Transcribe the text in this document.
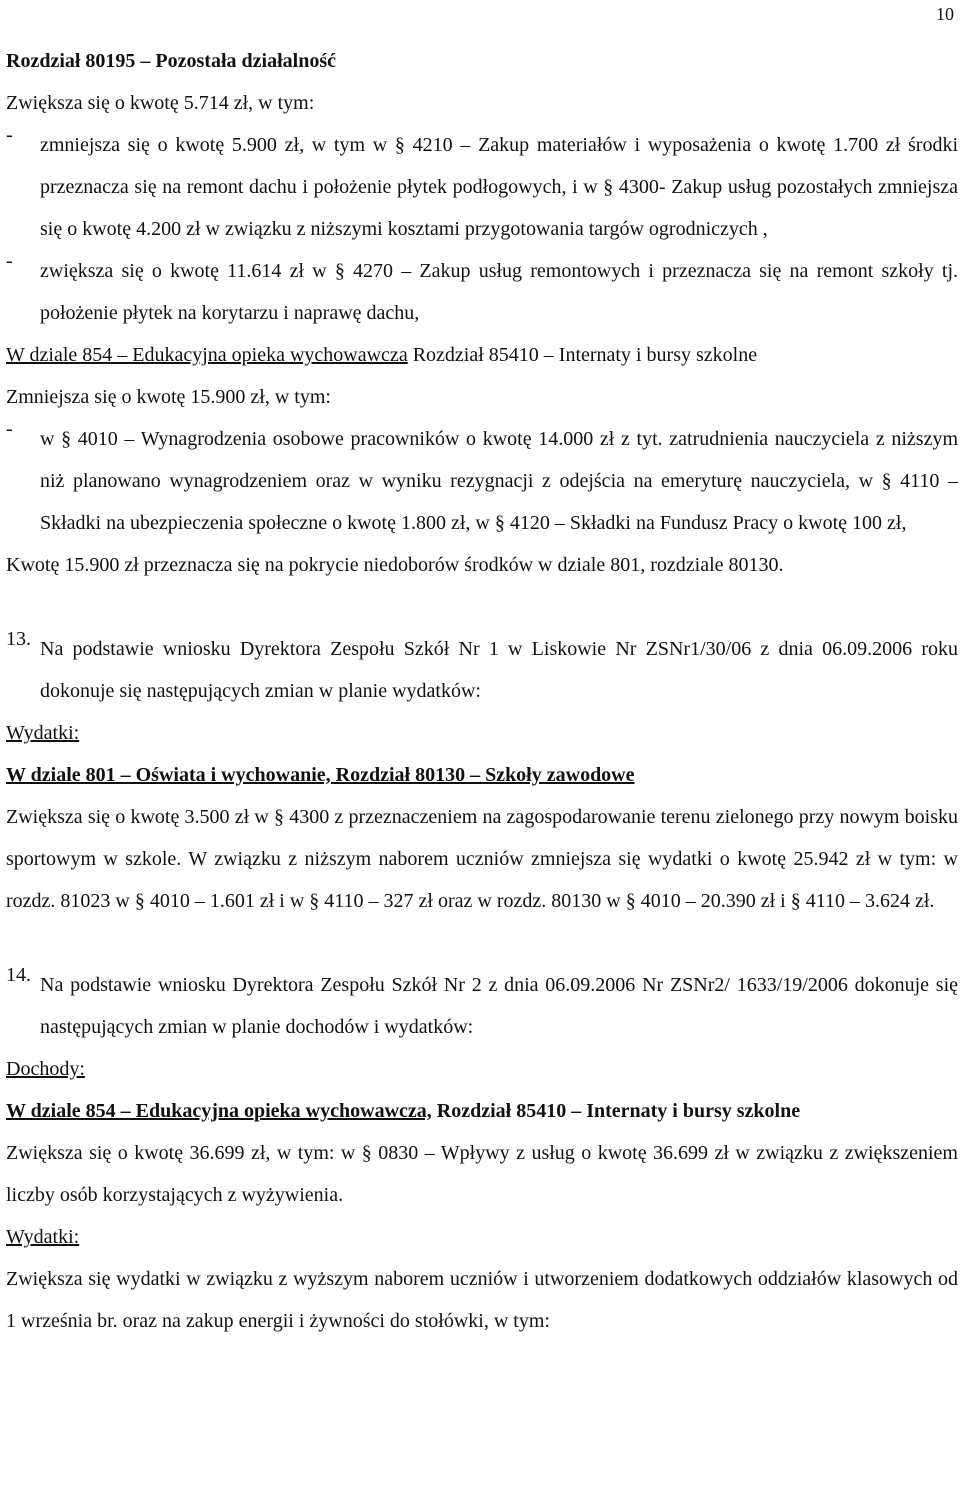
10

Rozdział 80195 – Pozostała działalność

Zwiększa się o kwotę 5.714 zł, w tym:

-	zmniejsza się o kwotę 5.900 zł, w tym w § 4210 – Zakup materiałów i wyposażenia o kwotę 1.700 zł środki przeznacza się na remont dachu i położenie płytek podłogowych, i w § 4300- Zakup usług pozostałych zmniejsza się o kwotę 4.200 zł w związku z niższymi kosztami przygotowania targów ogrodniczych ,

-	zwiększa się o kwotę 11.614 zł w § 4270 – Zakup usług remontowych i przeznacza się na remont szkoły tj. położenie płytek na korytarzu i naprawę dachu,

W dziale 854 – Edukacyjna opieka wychowawcza Rozdział 85410 – Internaty i bursy szkolne

Zmniejsza się o kwotę 15.900 zł, w tym:

-	w § 4010 – Wynagrodzenia osobowe pracowników o kwotę 14.000 zł z tyt. zatrudnienia nauczyciela z niższym niż planowano wynagrodzeniem oraz w wyniku rezygnacji z odejścia na emeryturę nauczyciela, w § 4110 – Składki na ubezpieczenia społeczne o kwotę 1.800 zł, w § 4120 – Składki na Fundusz Pracy o kwotę 100 zł,

Kwotę 15.900 zł przeznacza się na pokrycie niedoborów środków w dziale 801, rozdziale 80130.

13. Na podstawie wniosku Dyrektora Zespołu Szkół Nr 1 w Liskowie Nr ZSNr1/30/06 z dnia 06.09.2006 roku dokonuje się następujących zmian w planie wydatków:

Wydatki:

W dziale 801 – Oświata i wychowanie, Rozdział 80130 – Szkoły zawodowe

Zwiększa się o kwotę 3.500 zł w § 4300 z przeznaczeniem na zagospodarowanie terenu zielonego przy nowym boisku sportowym w szkole. W związku z niższym naborem uczniów zmniejsza się wydatki o kwotę 25.942 zł w tym: w rozdz. 81023 w § 4010 – 1.601 zł i w § 4110 – 327 zł oraz w rozdz. 80130 w § 4010 – 20.390 zł i § 4110 – 3.624 zł.

14. Na podstawie wniosku Dyrektora Zespołu Szkół Nr 2 z dnia 06.09.2006 Nr ZSNr2/ 1633/19/2006 dokonuje się następujących zmian w planie dochodów i wydatków:

Dochody:

W dziale 854 – Edukacyjna opieka wychowawcza, Rozdział 85410 – Internaty i bursy szkolne

Zwiększa się o kwotę 36.699 zł, w tym: w § 0830 – Wpływy z usług o kwotę 36.699 zł w związku z zwiększeniem liczby osób korzystających z wyżywienia.

Wydatki:

Zwiększa się wydatki w związku z wyższym naborem uczniów i utworzeniem dodatkowych oddziałów klasowych od 1 września br. oraz na zakup energii i żywności do stołówki, w tym:
